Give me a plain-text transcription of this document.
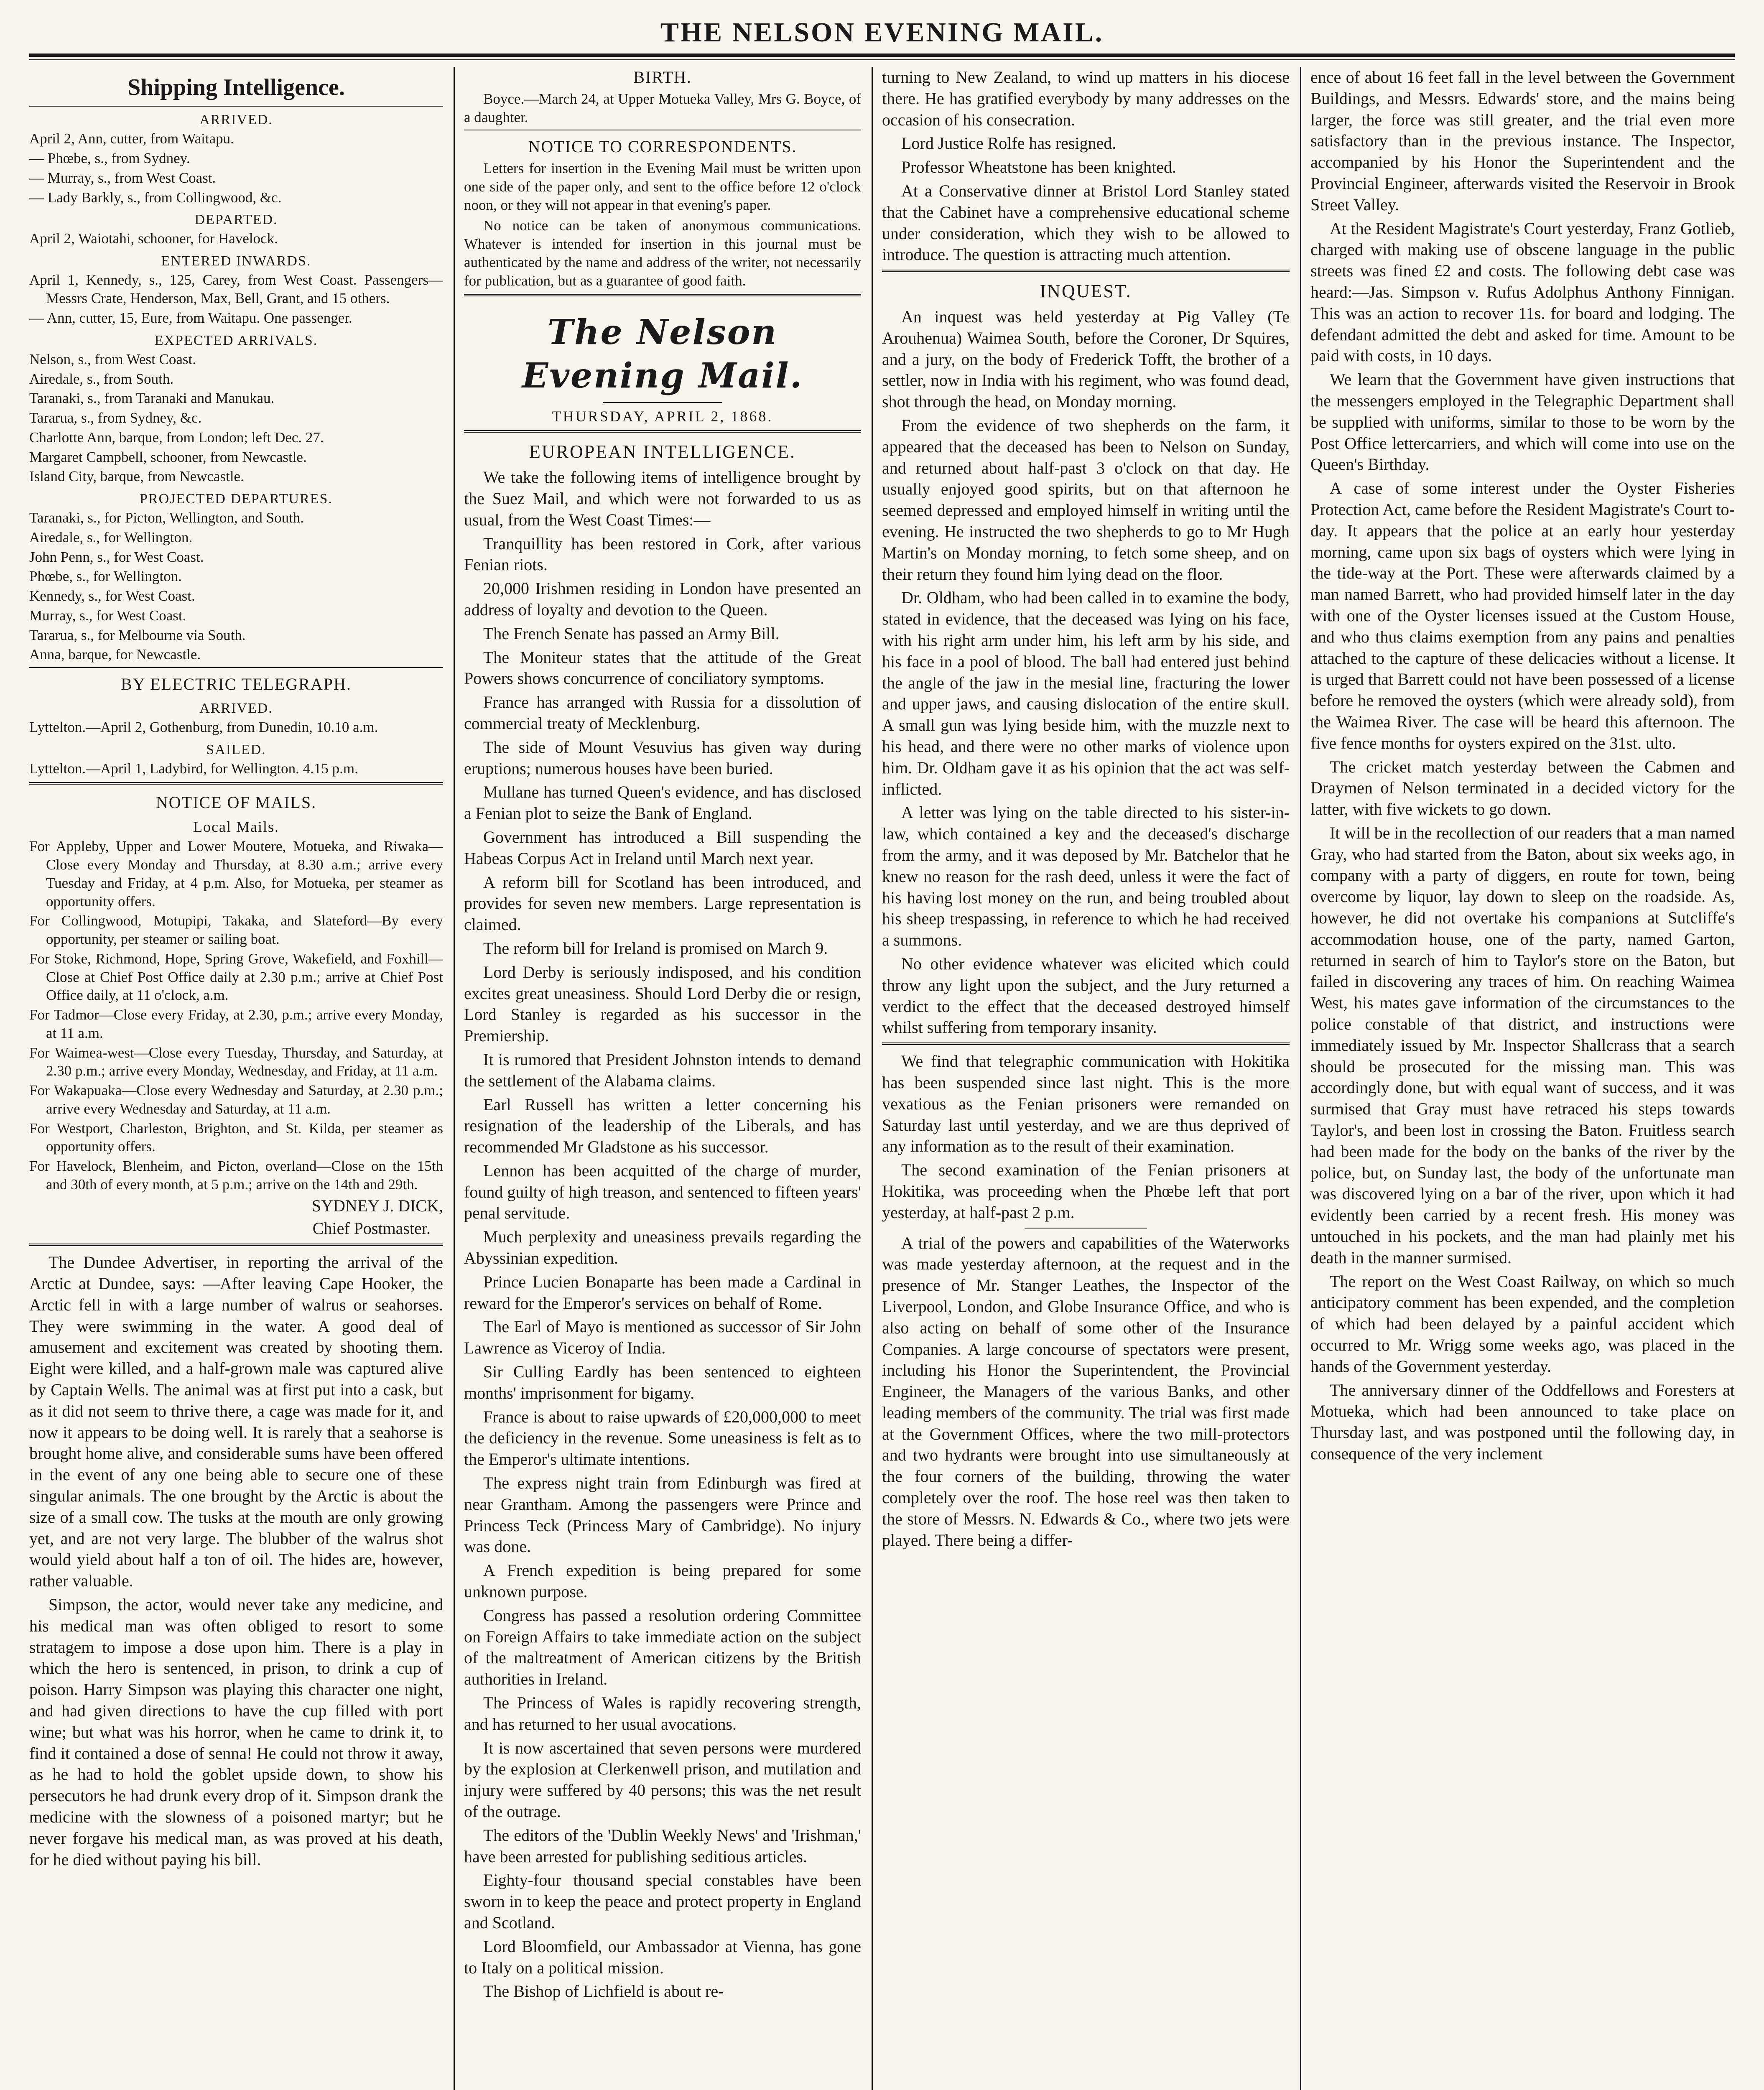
THE NELSON EVENING MAIL.
Shipping Intelligence.
ARRIVED.

April 2, Ann, cutter, from Waitapu.

— Phœbe, s., from Sydney.

— Murray, s., from West Coast.

— Lady Barkly, s., from Collingwood, &c.

DEPARTED.

April 2, Waiotahi, schooner, for Havelock.

ENTERED INWARDS.

April 1, Kennedy, s., 125, Carey, from West Coast. Passengers—Messrs Crate, Henderson, Max, Bell, Grant, and 15 others.

— Ann, cutter, 15, Eure, from Waitapu. One passenger.

EXPECTED ARRIVALS.

Nelson, s., from West Coast.

Airedale, s., from South.

Taranaki, s., from Taranaki and Manukau.

Tararua, s., from Sydney, &c.

Charlotte Ann, barque, from London; left Dec. 27.

Margaret Campbell, schooner, from Newcastle.

Island City, barque, from Newcastle.

PROJECTED DEPARTURES.

Taranaki, s., for Picton, Wellington, and South.

Airedale, s., for Wellington.

John Penn, s., for West Coast.

Phœbe, s., for Wellington.

Kennedy, s., for West Coast.

Murray, s., for West Coast.

Tararua, s., for Melbourne via South.

Anna, barque, for Newcastle.

BY ELECTRIC TELEGRAPH.
ARRIVED.

Lyttelton.—April 2, Gothenburg, from Dunedin, 10.10 a.m.

SAILED.

Lyttelton.—April 1, Ladybird, for Wellington. 4.15 p.m.

NOTICE OF MAILS.
Local Mails.

For Appleby, Upper and Lower Moutere, Motueka, and Riwaka—Close every Monday and Thursday, at 8.30 a.m.; arrive every Tuesday and Friday, at 4 p.m. Also, for Motueka, per steamer as opportunity offers.

For Collingwood, Motupipi, Takaka, and Slateford—By every opportunity, per steamer or sailing boat.

For Stoke, Richmond, Hope, Spring Grove, Wakefield, and Foxhill—Close at Chief Post Office daily at 2.30 p.m.; arrive at Chief Post Office daily, at 11 o'clock, a.m.

For Tadmor—Close every Friday, at 2.30, p.m.; arrive every Monday, at 11 a.m.

For Waimea-west—Close every Tuesday, Thursday, and Saturday, at 2.30 p.m.; arrive every Monday, Wednesday, and Friday, at 11 a.m.

For Wakapuaka—Close every Wednesday and Saturday, at 2.30 p.m.; arrive every Wednesday and Saturday, at 11 a.m.

For Westport, Charleston, Brighton, and St. Kilda, per steamer as opportunity offers.

For Havelock, Blenheim, and Picton, overland—Close on the 15th and 30th of every month, at 5 p.m.; arrive on the 14th and 29th.

SYDNEY J. DICK,
Chief Postmaster.

The Dundee Advertiser, in reporting the arrival of the Arctic at Dundee, says: —After leaving Cape Hooker, the Arctic fell in with a large number of walrus or seahorses. They were swimming in the water. A good deal of amusement and excitement was created by shooting them. Eight were killed, and a half-grown male was captured alive by Captain Wells. The animal was at first put into a cask, but as it did not seem to thrive there, a cage was made for it, and now it appears to be doing well. It is rarely that a seahorse is brought home alive, and considerable sums have been offered in the event of any one being able to secure one of these singular animals. The one brought by the Arctic is about the size of a small cow. The tusks at the mouth are only growing yet, and are not very large. The blubber of the walrus shot would yield about half a ton of oil. The hides are, however, rather valuable.

Simpson, the actor, would never take any medicine, and his medical man was often obliged to resort to some stratagem to impose a dose upon him. There is a play in which the hero is sentenced, in prison, to drink a cup of poison. Harry Simpson was playing this character one night, and had given directions to have the cup filled with port wine; but what was his horror, when he came to drink it, to find it contained a dose of senna! He could not throw it away, as he had to hold the goblet upside down, to show his persecutors he had drunk every drop of it. Simpson drank the medicine with the slowness of a poisoned martyr; but he never forgave his medical man, as was proved at his death, for he died without paying his bill.

BIRTH.

Boyce.—March 24, at Upper Motueka Valley, Mrs G. Boyce, of a daughter.

NOTICE TO CORRESPONDENTS.

Letters for insertion in the Evening Mail must be written upon one side of the paper only, and sent to the office before 12 o'clock noon, or they will not appear in that evening's paper.

No notice can be taken of anonymous communications. Whatever is intended for insertion in this journal must be authenticated by the name and address of the writer, not necessarily for publication, but as a guarantee of good faith.

The Nelson Evening Mail.
THURSDAY, APRIL 2, 1868.
EUROPEAN INTELLIGENCE.

We take the following items of intelligence brought by the Suez Mail, and which were not forwarded to us as usual, from the West Coast Times:—

Tranquillity has been restored in Cork, after various Fenian riots.

20,000 Irishmen residing in London have presented an address of loyalty and devotion to the Queen.

The French Senate has passed an Army Bill.

The Moniteur states that the attitude of the Great Powers shows concurrence of conciliatory symptoms.

France has arranged with Russia for a dissolution of commercial treaty of Mecklenburg.

The side of Mount Vesuvius has given way during eruptions; numerous houses have been buried.

Mullane has turned Queen's evidence, and has disclosed a Fenian plot to seize the Bank of England.

Government has introduced a Bill suspending the Habeas Corpus Act in Ireland until March next year.

A reform bill for Scotland has been introduced, and provides for seven new members. Large representation is claimed.

The reform bill for Ireland is promised on March 9.

Lord Derby is seriously indisposed, and his condition excites great uneasiness. Should Lord Derby die or resign, Lord Stanley is regarded as his successor in the Premiership.

It is rumored that President Johnston intends to demand the settlement of the Alabama claims.

Earl Russell has written a letter concerning his resignation of the leadership of the Liberals, and has recommended Mr Gladstone as his successor.

Lennon has been acquitted of the charge of murder, found guilty of high treason, and sentenced to fifteen years' penal servitude.

Much perplexity and uneasiness prevails regarding the Abyssinian expedition.

Prince Lucien Bonaparte has been made a Cardinal in reward for the Emperor's services on behalf of Rome.

The Earl of Mayo is mentioned as successor of Sir John Lawrence as Viceroy of India.

Sir Culling Eardly has been sentenced to eighteen months' imprisonment for bigamy.

France is about to raise upwards of £20,000,000 to meet the deficiency in the revenue. Some uneasiness is felt as to the Emperor's ultimate intentions.

The express night train from Edinburgh was fired at near Grantham. Among the passengers were Prince and Princess Teck (Princess Mary of Cambridge). No injury was done.

A French expedition is being prepared for some unknown purpose.

Congress has passed a resolution ordering Committee on Foreign Affairs to take immediate action on the subject of the maltreatment of American citizens by the British authorities in Ireland.

The Princess of Wales is rapidly recovering strength, and has returned to her usual avocations.

It is now ascertained that seven persons were murdered by the explosion at Clerkenwell prison, and mutilation and injury were suffered by 40 persons; this was the net result of the outrage.

The editors of the 'Dublin Weekly News' and 'Irishman,' have been arrested for publishing seditious articles.

Eighty-four thousand special constables have been sworn in to keep the peace and protect property in England and Scotland.

Lord Bloomfield, our Ambassador at Vienna, has gone to Italy on a political mission.

The Bishop of Lichfield is about re-

turning to New Zealand, to wind up matters in his diocese there. He has gratified everybody by many addresses on the occasion of his consecration.

Lord Justice Rolfe has resigned.

Professor Wheatstone has been knighted.

At a Conservative dinner at Bristol Lord Stanley stated that the Cabinet have a comprehensive educational scheme under consideration, which they wish to be allowed to introduce. The question is attracting much attention.

INQUEST.

An inquest was held yesterday at Pig Valley (Te Arouhenua) Waimea South, before the Coroner, Dr Squires, and a jury, on the body of Frederick Tofft, the brother of a settler, now in India with his regiment, who was found dead, shot through the head, on Monday morning.

From the evidence of two shepherds on the farm, it appeared that the deceased has been to Nelson on Sunday, and returned about half-past 3 o'clock on that day. He usually enjoyed good spirits, but on that afternoon he seemed depressed and employed himself in writing until the evening. He instructed the two shepherds to go to Mr Hugh Martin's on Monday morning, to fetch some sheep, and on their return they found him lying dead on the floor.

Dr. Oldham, who had been called in to examine the body, stated in evidence, that the deceased was lying on his face, with his right arm under him, his left arm by his side, and his face in a pool of blood. The ball had entered just behind the angle of the jaw in the mesial line, fracturing the lower and upper jaws, and causing dislocation of the entire skull. A small gun was lying beside him, with the muzzle next to his head, and there were no other marks of violence upon him. Dr. Oldham gave it as his opinion that the act was self-inflicted.

A letter was lying on the table directed to his sister-in-law, which contained a key and the deceased's discharge from the army, and it was deposed by Mr. Batchelor that he knew no reason for the rash deed, unless it were the fact of his having lost money on the run, and being troubled about his sheep trespassing, in reference to which he had received a summons.

No other evidence whatever was elicited which could throw any light upon the subject, and the Jury returned a verdict to the effect that the deceased destroyed himself whilst suffering from temporary insanity.

We find that telegraphic communication with Hokitika has been suspended since last night. This is the more vexatious as the Fenian prisoners were remanded on Saturday last until yesterday, and we are thus deprived of any information as to the result of their examination.

The second examination of the Fenian prisoners at Hokitika, was proceeding when the Phœbe left that port yesterday, at half-past 2 p.m.

A trial of the powers and capabilities of the Waterworks was made yesterday afternoon, at the request and in the presence of Mr. Stanger Leathes, the Inspector of the Liverpool, London, and Globe Insurance Office, and who is also acting on behalf of some other of the Insurance Companies. A large concourse of spectators were present, including his Honor the Superintendent, the Provincial Engineer, the Managers of the various Banks, and other leading members of the community. The trial was first made at the Government Offices, where the two mill-protectors and two hydrants were brought into use simultaneously at the four corners of the building, throwing the water completely over the roof. The hose reel was then taken to the store of Messrs. N. Edwards & Co., where two jets were played. There being a differ-

ence of about 16 feet fall in the level between the Government Buildings, and Messrs. Edwards' store, and the mains being larger, the force was still greater, and the trial even more satisfactory than in the previous instance. The Inspector, accompanied by his Honor the Superintendent and the Provincial Engineer, afterwards visited the Reservoir in Brook Street Valley.

At the Resident Magistrate's Court yesterday, Franz Gotlieb, charged with making use of obscene language in the public streets was fined £2 and costs. The following debt case was heard:—Jas. Simpson v. Rufus Adolphus Anthony Finnigan. This was an action to recover 11s. for board and lodging. The defendant admitted the debt and asked for time. Amount to be paid with costs, in 10 days.

We learn that the Government have given instructions that the messengers employed in the Telegraphic Department shall be supplied with uniforms, similar to those to be worn by the Post Office lettercarriers, and which will come into use on the Queen's Birthday.

A case of some interest under the Oyster Fisheries Protection Act, came before the Resident Magistrate's Court to-day. It appears that the police at an early hour yesterday morning, came upon six bags of oysters which were lying in the tide-way at the Port. These were afterwards claimed by a man named Barrett, who had provided himself later in the day with one of the Oyster licenses issued at the Custom House, and who thus claims exemption from any pains and penalties attached to the capture of these delicacies without a license. It is urged that Barrett could not have been possessed of a license before he removed the oysters (which were already sold), from the Waimea River. The case will be heard this afternoon. The five fence months for oysters expired on the 31st. ulto.

The cricket match yesterday between the Cabmen and Draymen of Nelson terminated in a decided victory for the latter, with five wickets to go down.

It will be in the recollection of our readers that a man named Gray, who had started from the Baton, about six weeks ago, in company with a party of diggers, en route for town, being overcome by liquor, lay down to sleep on the roadside. As, however, he did not overtake his companions at Sutcliffe's accommodation house, one of the party, named Garton, returned in search of him to Taylor's store on the Baton, but failed in discovering any traces of him. On reaching Waimea West, his mates gave information of the circumstances to the police constable of that district, and instructions were immediately issued by Mr. Inspector Shallcrass that a search should be prosecuted for the missing man. This was accordingly done, but with equal want of success, and it was surmised that Gray must have retraced his steps towards Taylor's, and been lost in crossing the Baton. Fruitless search had been made for the body on the banks of the river by the police, but, on Sunday last, the body of the unfortunate man was discovered lying on a bar of the river, upon which it had evidently been carried by a recent fresh. His money was untouched in his pockets, and the man had plainly met his death in the manner surmised.

The report on the West Coast Railway, on which so much anticipatory comment has been expended, and the completion of which had been delayed by a painful accident which occurred to Mr. Wrigg some weeks ago, was placed in the hands of the Government yesterday.

The anniversary dinner of the Oddfellows and Foresters at Motueka, which had been announced to take place on Thursday last, and was postponed until the following day, in consequence of the very inclement
